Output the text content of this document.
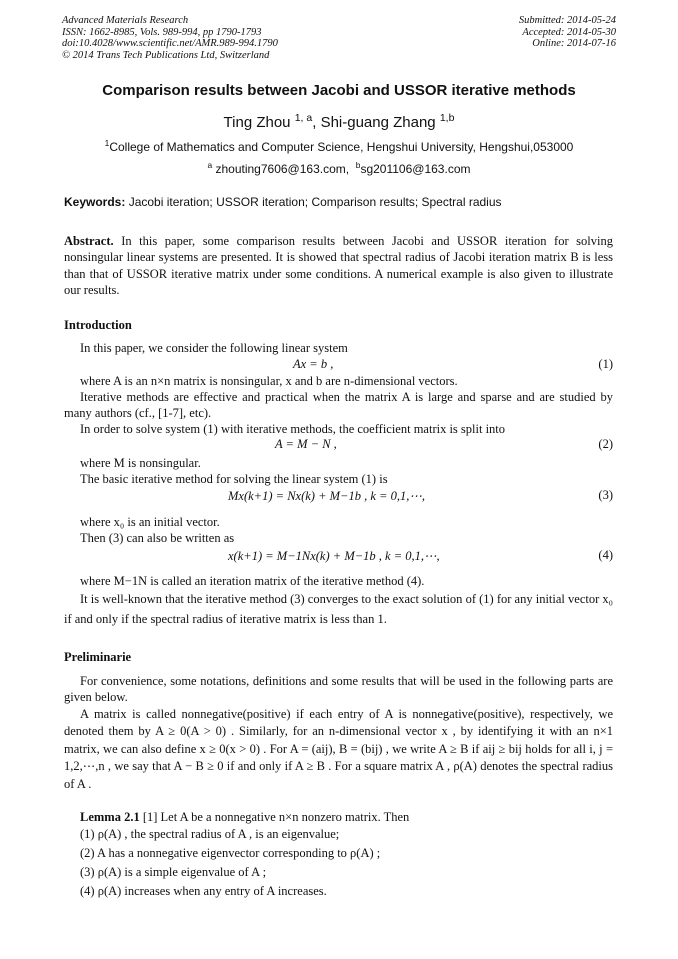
Advanced Materials Research
ISSN: 1662-8985, Vols. 989-994, pp 1790-1793
doi:10.4028/www.scientific.net/AMR.989-994.1790
© 2014 Trans Tech Publications Ltd, Switzerland
Submitted: 2014-05-24
Accepted: 2014-05-30
Online: 2014-07-16
Comparison results between Jacobi and USSOR iterative methods
Ting Zhou $^{1, a}$, Shi-guang Zhang $^{1,b}$
$^1$College of Mathematics and Computer Science, Hengshui University, Hengshui,053000
$^a$ zhouting7606@163.com, $^b$sg201106@163.com
Keywords: Jacobi iteration; USSOR iteration; Comparison results; Spectral radius
Abstract. In this paper, some comparison results between Jacobi and USSOR iteration for solving nonsingular linear systems are presented. It is showed that spectral radius of Jacobi iteration matrix B is less than that of USSOR iterative matrix under some conditions. A numerical example is also given to illustrate our results.
Introduction
In this paper, we consider the following linear system
Ax = b ,	(1)
where A is an n×n matrix is nonsingular, x and b are n-dimensional vectors.
Iterative methods are effective and practical when the matrix A is large and sparse and are studied by many authors (cf., [1-7], etc).
In order to solve system (1) with iterative methods, the coefficient matrix is split into
A = M − N ,	(2)
where M is nonsingular.
The basic iterative method for solving the linear system (1) is
Mx(k+1) = Nx(k) + M−1b , k = 0,1,⋯,	(3)
where x₀ is an initial vector.
Then (3) can also be written as
x(k+1) = M−1Nx(k) + M−1b , k = 0,1,⋯,	(4)
where M−1N is called an iteration matrix of the iterative method (4).
It is well-known that the iterative method (3) converges to the exact solution of (1) for any initial vector x₀ if and only if the spectral radius of iterative matrix is less than 1.
Preliminarie
For convenience, some notations, definitions and some results that will be used in the following parts are given below.
A matrix is called nonnegative(positive) if each entry of A is nonnegative(positive), respectively, we denoted them by A ≥ 0(A > 0) . Similarly, for an n-dimensional vector x , by identifying it with an n×1 matrix, we can also define x ≥ 0(x > 0) . For A = (aij), B = (bij) , we write A ≥ B if aij ≥ bij holds for all i, j = 1,2,⋯,n , we say that A − B ≥ 0 if and only if A ≥ B . For a square matrix A , ρ(A) denotes the spectral radius of A .
Lemma 2.1 [1] Let A be a nonnegative n×n nonzero matrix. Then
(1) ρ(A) , the spectral radius of A , is an eigenvalue;
(2) A has a nonnegative eigenvector corresponding to ρ(A) ;
(3) ρ(A) is a simple eigenvalue of A ;
(4) ρ(A) increases when any entry of A increases.
